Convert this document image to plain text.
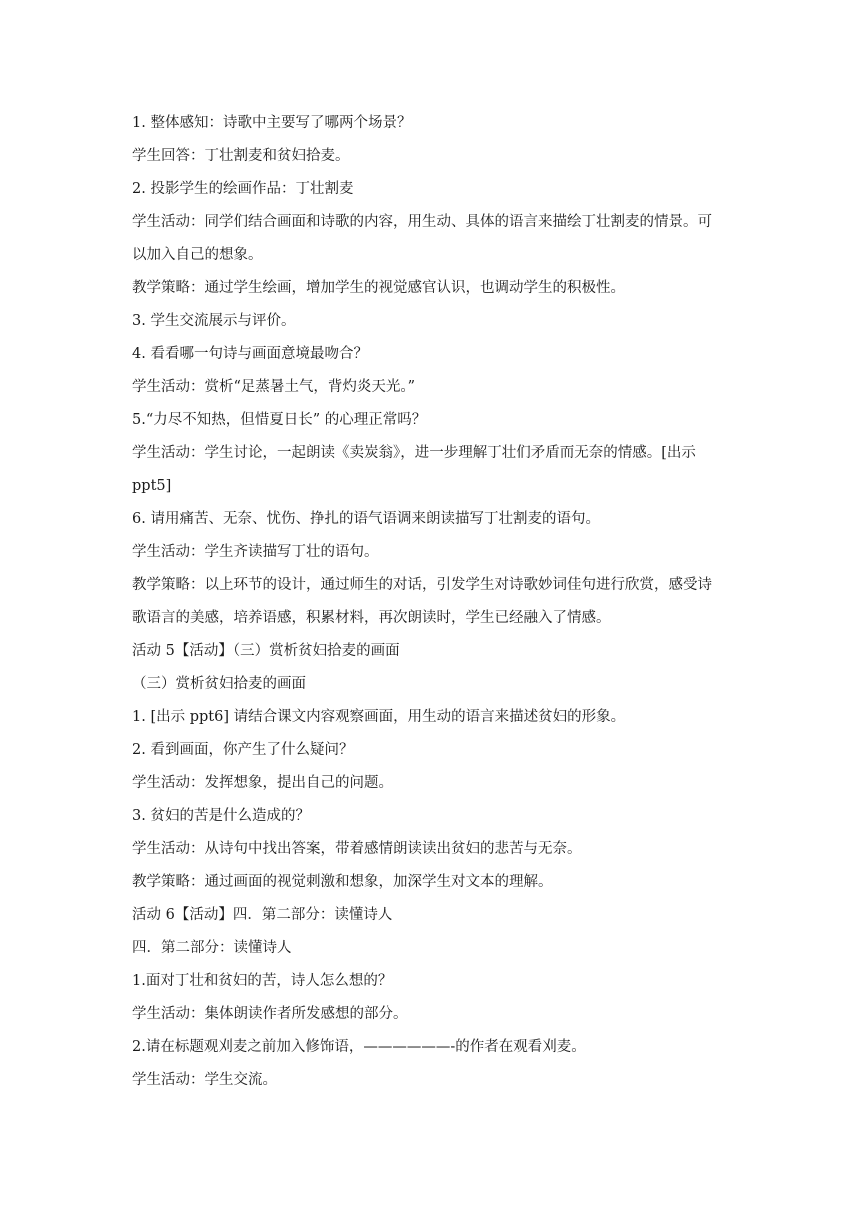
1. 整体感知：诗歌中主要写了哪两个场景？

学生回答：丁壮割麦和贫妇拾麦。

2. 投影学生的绘画作品：丁壮割麦

学生活动：同学们结合画面和诗歌的内容，用生动、具体的语言来描绘丁壮割麦的情景。可

以加入自己的想象。

教学策略：通过学生绘画，增加学生的视觉感官认识，也调动学生的积极性。

3. 学生交流展示与评价。

4. 看看哪一句诗与画面意境最吻合？

学生活动：赏析“足蒸暑土气，背灼炎天光。”

5.“力尽不知热，但惜夏日长” 的心理正常吗？

学生活动：学生讨论，一起朗读《卖炭翁》，进一步理解丁壮们矛盾而无奈的情感。[出示

ppt5]

6. 请用痛苦、无奈、忧伤、挣扎的语气语调来朗读描写丁壮割麦的语句。

学生活动：学生齐读描写丁壮的语句。

教学策略：以上环节的设计，通过师生的对话，引发学生对诗歌妙词佳句进行欣赏，感受诗

歌语言的美感，培养语感，积累材料，再次朗读时，学生已经融入了情感。

活动 5【活动】（三）赏析贫妇拾麦的画面

（三）赏析贫妇拾麦的画面

1. [出示 ppt6] 请结合课文内容观察画面，用生动的语言来描述贫妇的形象。

2. 看到画面，你产生了什么疑问？

学生活动：发挥想象，提出自己的问题。

3. 贫妇的苦是什么造成的？

学生活动：从诗句中找出答案，带着感情朗读读出贫妇的悲苦与无奈。

教学策略：通过画面的视觉刺激和想象，加深学生对文本的理解。

活动 6【活动】四．第二部分：读懂诗人

四．第二部分：读懂诗人

1.面对丁壮和贫妇的苦，诗人怎么想的？

学生活动：集体朗读作者所发感想的部分。

2.请在标题观刈麦之前加入修饰语，——————-的作者在观看刈麦。

学生活动：学生交流。
